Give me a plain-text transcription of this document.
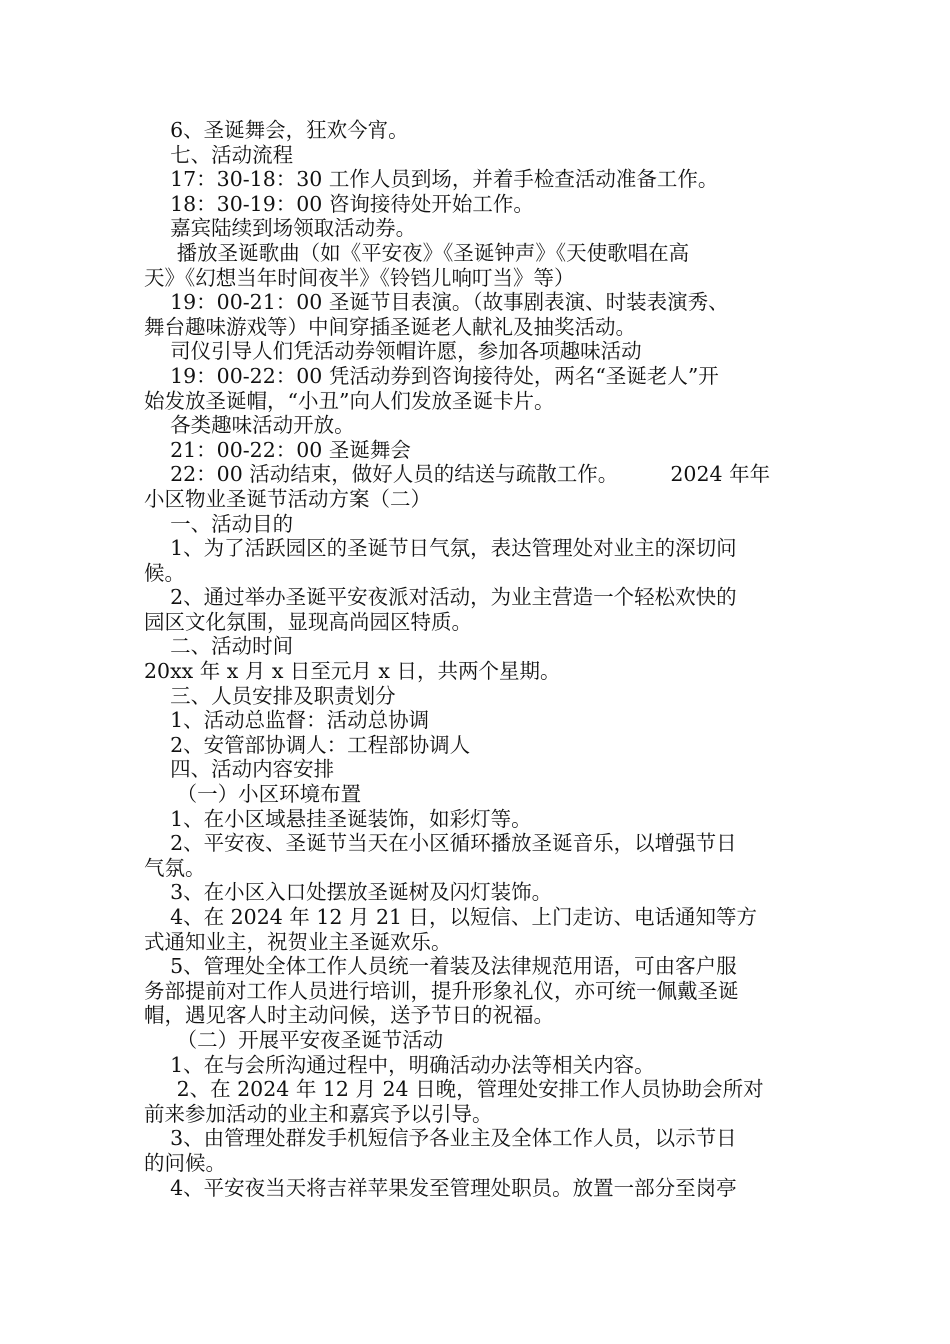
6、圣诞舞会，狂欢今宵。
七、活动流程
17：30-18：30 工作人员到场，并着手检查活动准备工作。
18：30-19：00 咨询接待处开始工作。
嘉宾陆续到场领取活动券。
播放圣诞歌曲（如《平安夜》《圣诞钟声》《天使歌唱在高
天》《幻想当年时间夜半》《铃铛儿响叮当》等）
19：00-21：00 圣诞节目表演。（故事剧表演、时装表演秀、
舞台趣味游戏等）中间穿插圣诞老人献礼及抽奖活动。
司仪引导人们凭活动券领帽许愿，参加各项趣味活动
19：00-22：00 凭活动券到咨询接待处，两名“圣诞老人”开
始发放圣诞帽，“小丑”向人们发放圣诞卡片。
各类趣味活动开放。
21：00-22：00 圣诞舞会
22：00 活动结束，做好人员的结送与疏散工作。        2024 年年
小区物业圣诞节活动方案（二）
一、活动目的
1、为了活跃园区的圣诞节日气氛，表达管理处对业主的深切问
候。
2、通过举办圣诞平安夜派对活动，为业主营造一个轻松欢快的
园区文化氛围，显现高尚园区特质。
二、活动时间
20xx 年 x 月 x 日至元月 x 日，共两个星期。
三、人员安排及职责划分
1、活动总监督：活动总协调
2、安管部协调人：工程部协调人
四、活动内容安排
（一）小区环境布置
1、在小区域悬挂圣诞装饰，如彩灯等。
2、平安夜、圣诞节当天在小区循环播放圣诞音乐，以增强节日
气氛。
3、在小区入口处摆放圣诞树及闪灯装饰。
4、在 2024 年 12 月 21 日，以短信、上门走访、电话通知等方
式通知业主，祝贺业主圣诞欢乐。
5、管理处全体工作人员统一着装及法律规范用语，可由客户服
务部提前对工作人员进行培训，提升形象礼仪，亦可统一佩戴圣诞
帽，遇见客人时主动问候，送予节日的祝福。
（二）开展平安夜圣诞节活动
1、在与会所沟通过程中，明确活动办法等相关内容。
2、在 2024 年 12 月 24 日晚，管理处安排工作人员协助会所对
前来参加活动的业主和嘉宾予以引导。
3、由管理处群发手机短信予各业主及全体工作人员，以示节日
的问候。
4、平安夜当天将吉祥苹果发至管理处职员。放置一部分至岗亭
